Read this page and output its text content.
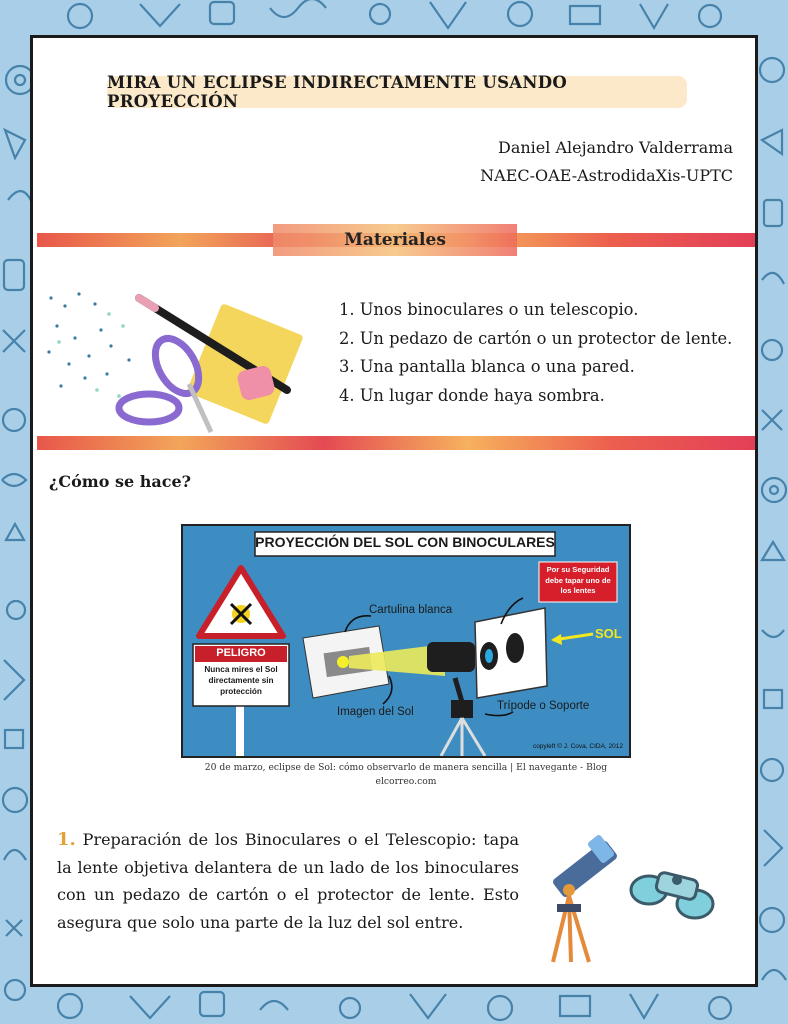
MIRA UN ECLIPSE INDIRECTAMENTE USANDO PROYECCIÓN
Daniel Alejandro Valderrama
NAEC-OAE-AstrodidaXis-UPTC
Materiales
1. Unos binoculares o un telescopio.
2. Un pedazo de cartón o un protector de lente.
3. Una pantalla blanca o una pared.
4. Un lugar donde haya sombra.
¿Cómo se hace?
PROYECCIÓN DEL SOL CON BINOCULARES
PELIGRO
Nunca mires el Sol
directamente sin
protección
Cartulina blanca
Imagen del Sol	Trípode o Soporte
SOL
Por su Seguridad
debe tapar uno de
los lentes
copyleft © J. Cova, CIDA, 2012
20 de marzo, eclipse de Sol: cómo observarlo de manera sencilla | El navegante - Blog
elcorreo.com
1. Preparación de los Binoculares o el Telescopio: tapa la lente objetiva delantera de un lado de los binoculares con un pedazo de cartón o el protector de lente. Esto asegura que solo una parte de la luz del sol entre.
